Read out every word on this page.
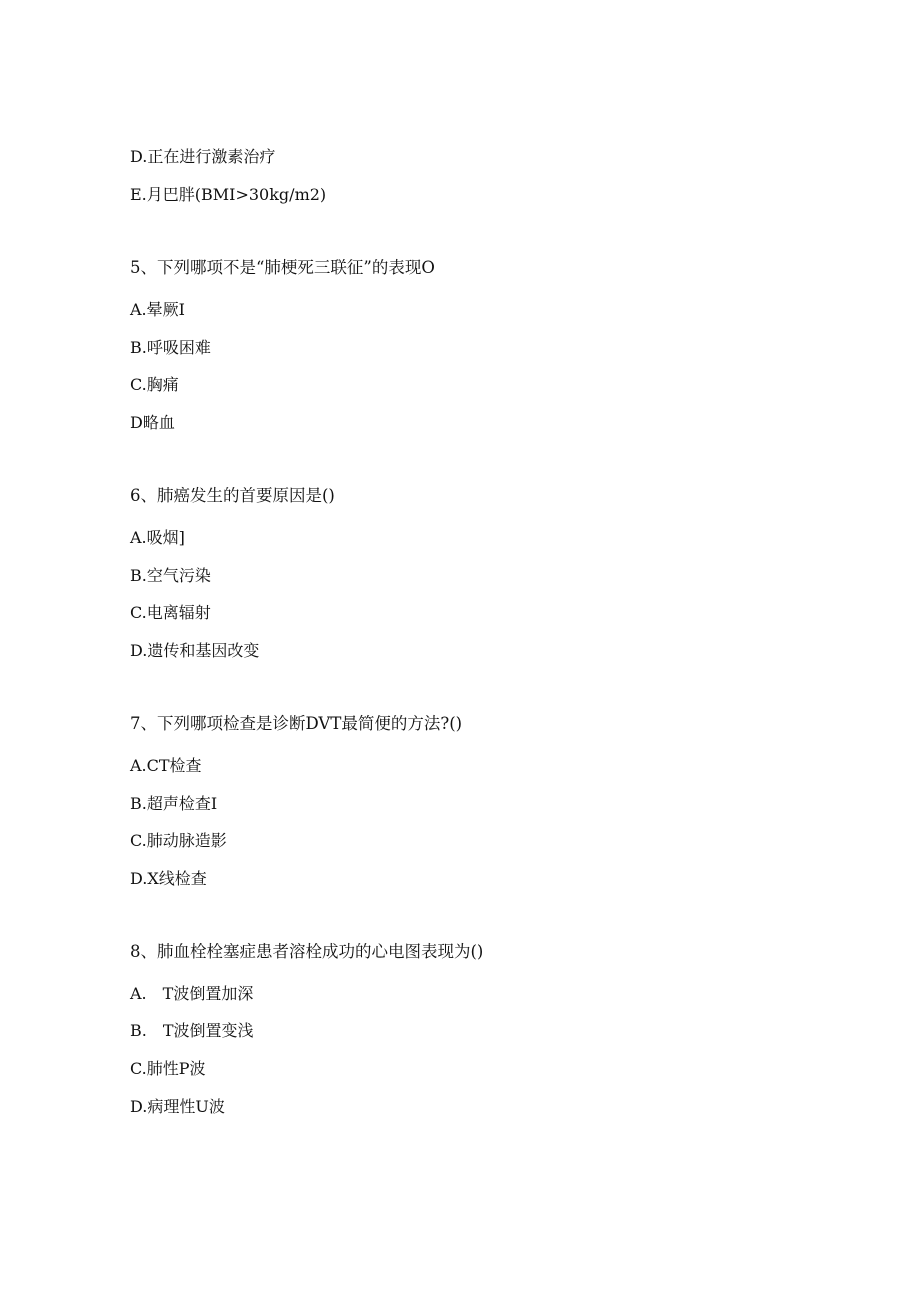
D.正在进行激素治疗
E.月巴胖(BMI>30kg∕m2)
5、下列哪项不是“肺梗死三联征”的表现O
A.晕厥I
B.呼吸困难
C.胸痛
D略血
6、肺癌发生的首要原因是()
A.吸烟]
B.空气污染
C.电离辐射
D.遗传和基因改变
7、下列哪项检查是诊断DVT最简便的方法?()
A.CT检查
B.超声检查I
C.肺动脉造影
D.X线检查
8、肺血栓栓塞症患者溶栓成功的心电图表现为()
A.　T波倒置加深
B.　T波倒置变浅
C.肺性P波
D.病理性U波
